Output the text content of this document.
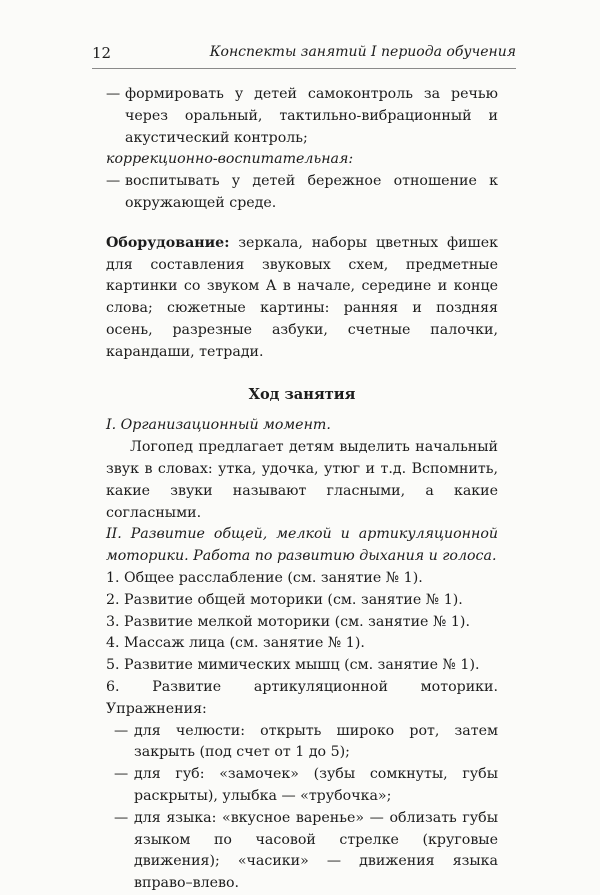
12	Конспекты занятий I периода обучения

— формировать у детей самоконтроль за речью через оральный, тактильно-вибрационный и акустический контроль;

коррекционно-воспитательная:

— воспитывать у детей бережное отношение к окружающей среде.

Оборудование: зеркала, наборы цветных фишек для составления звуковых схем, предметные картинки со звуком А в начале, середине и конце слова; сюжетные картины: ранняя и поздняя осень, разрезные азбуки, счетные палочки, карандаши, тетради.

Ход занятия

I. Организационный момент.

Логопед предлагает детям выделить начальный звук в словах: утка, удочка, утюг и т.д. Вспомнить, какие звуки называют гласными, а какие согласными.

II. Развитие общей, мелкой и артикуляционной моторики. Работа по развитию дыхания и голоса.

1. Общее расслабление (см. занятие № 1).

2. Развитие общей моторики (см. занятие № 1).

3. Развитие мелкой моторики (см. занятие № 1).

4. Массаж лица (см. занятие № 1).

5. Развитие мимических мышц (см. занятие № 1).

6. Развитие артикуляционной моторики. Упражнения:

— для челюсти: открыть широко рот, затем закрыть (под счет от 1 до 5);

— для губ: «замочек» (зубы сомкнуты, губы раскрыты), улыбка — «трубочка»;

— для языка: «вкусное варенье» — облизать губы языком по часовой стрелке (круговые движения); «часики» — движения языка вправо–влево.
